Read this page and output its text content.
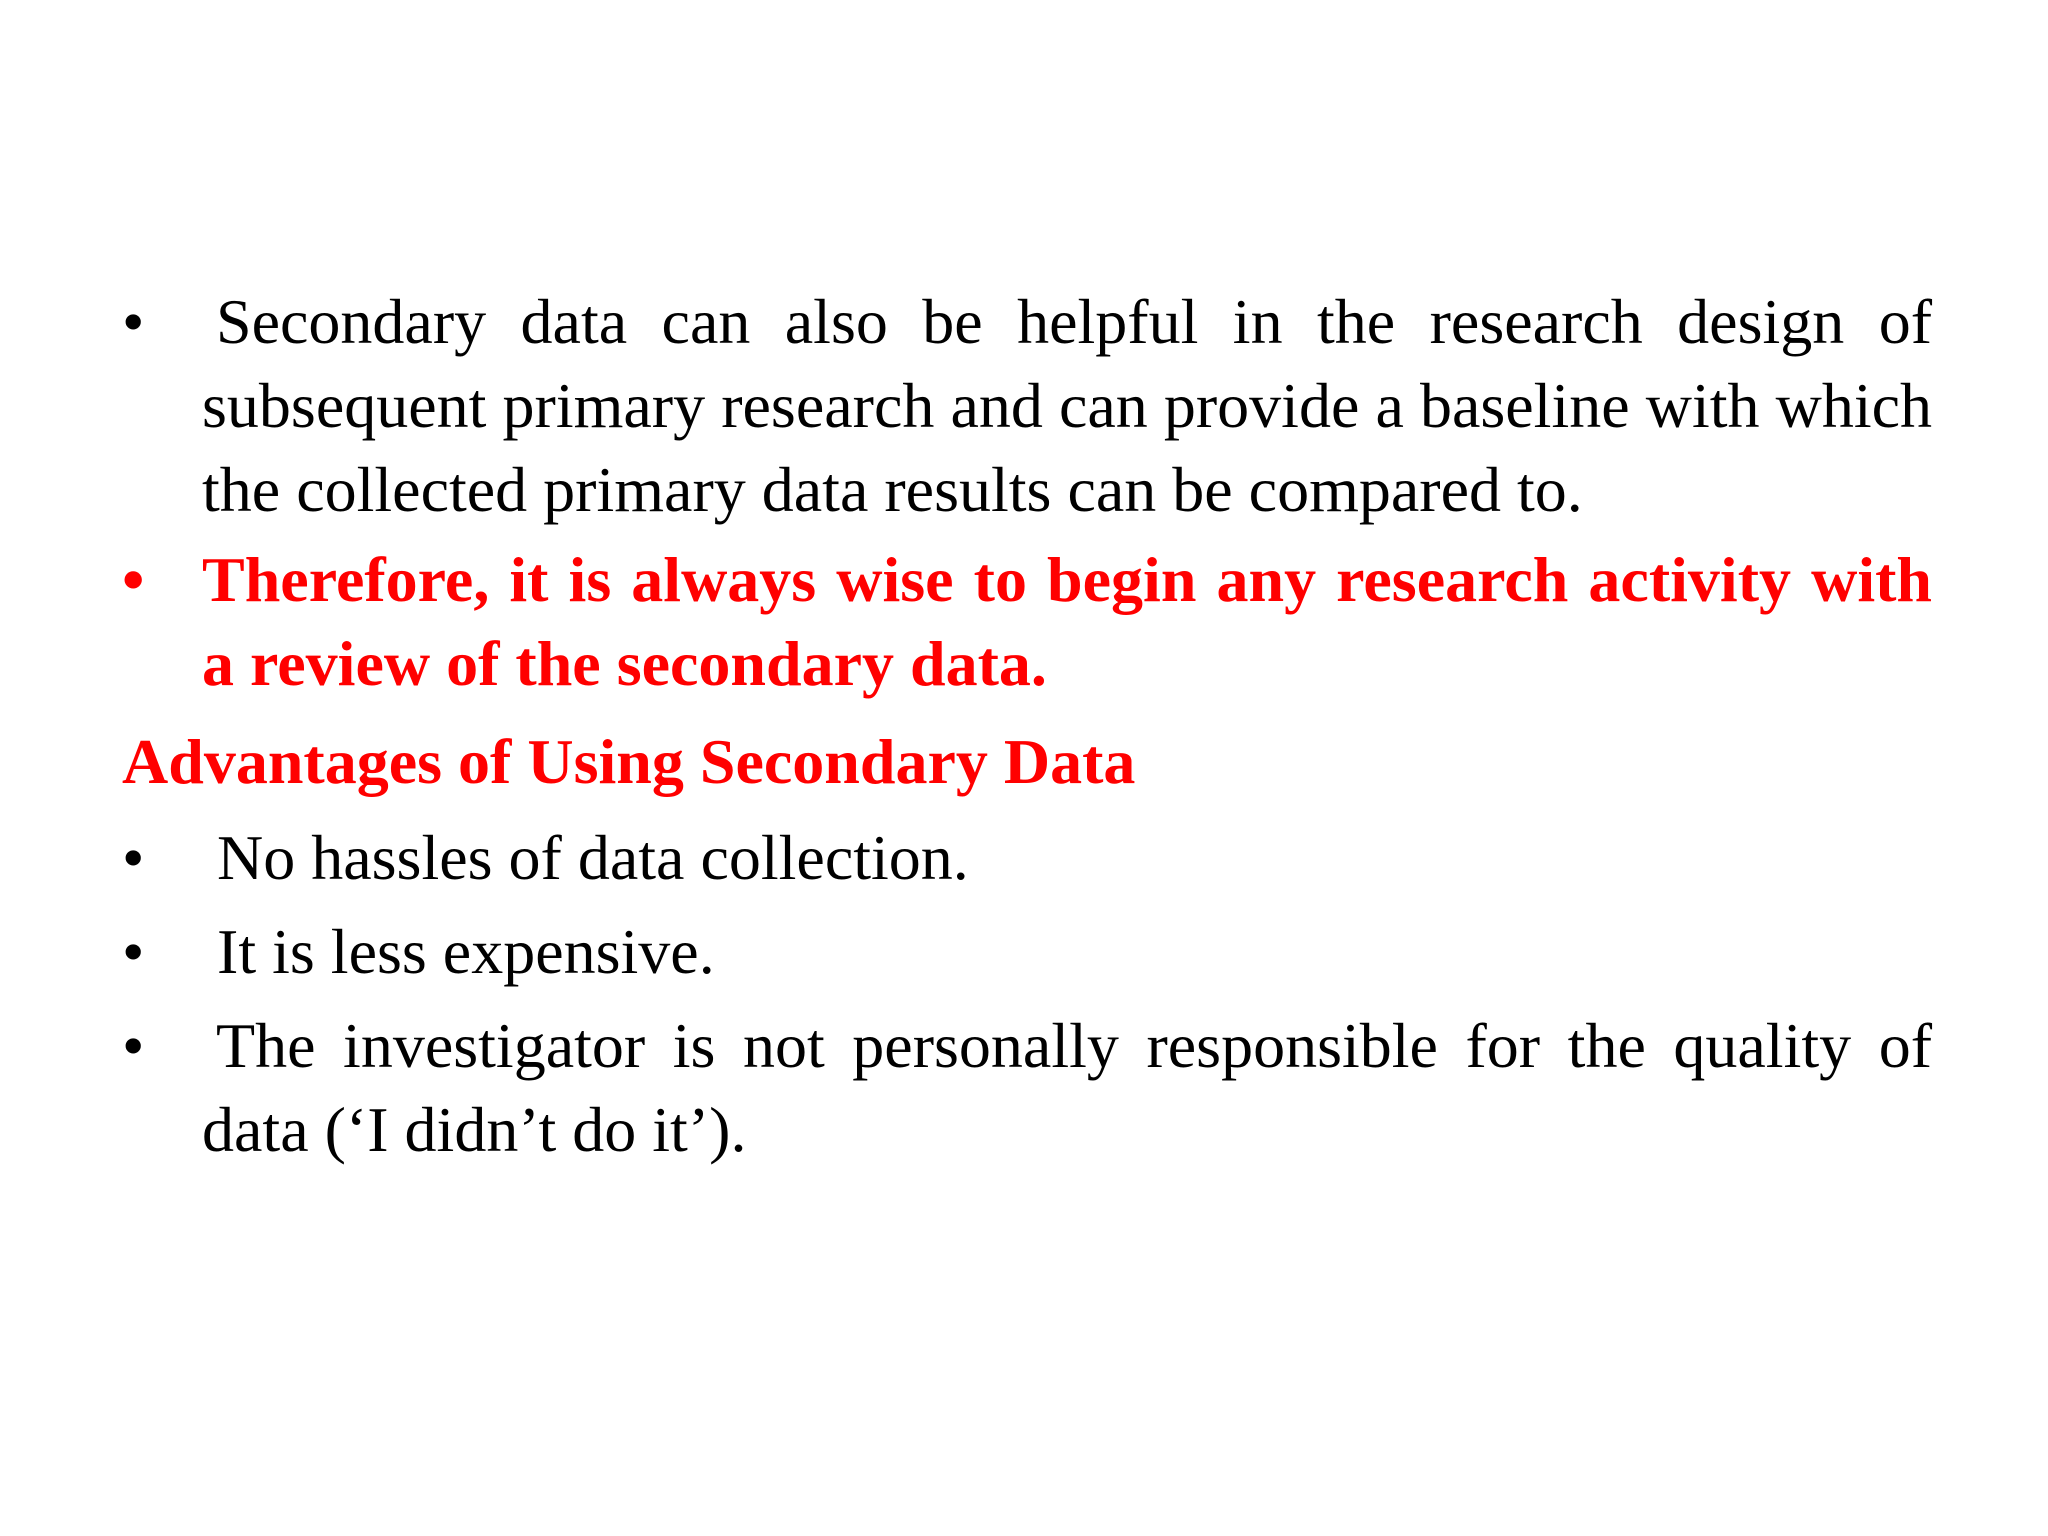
• Secondary data can also be helpful in the research design of subsequent primary research and can provide a baseline with which the collected primary data results can be compared to.

• Therefore, it is always wise to begin any research activity with a review of the secondary data.

Advantages of Using Secondary Data

• No hassles of data collection.

• It is less expensive.

• The investigator is not personally responsible for the quality of data (‘I didn’t do it’).
